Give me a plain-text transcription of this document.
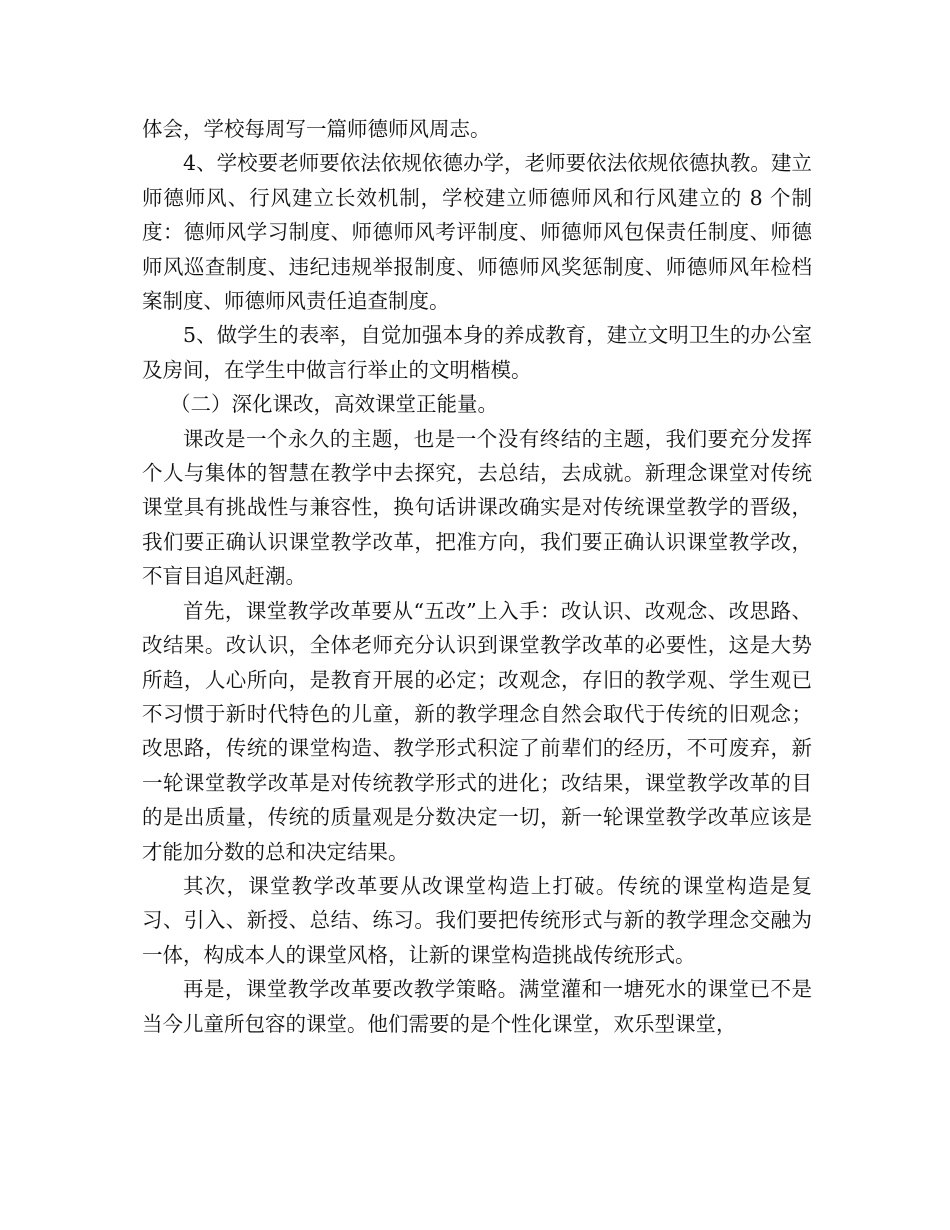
体会，学校每周写一篇师德师风周志。

4、学校要老师要依法依规依德办学，老师要依法依规依德执教。建立师德师风、行风建立长效机制，学校建立师德师风和行风建立的 8 个制度：德师风学习制度、师德师风考评制度、师德师风包保责任制度、师德师风巡查制度、违纪违规举报制度、师德师风奖惩制度、师德师风年检档案制度、师德师风责任追查制度。

5、做学生的表率，自觉加强本身的养成教育，建立文明卫生的办公室及房间，在学生中做言行举止的文明楷模。

（二）深化课改，高效课堂正能量。

课改是一个永久的主题，也是一个没有终结的主题，我们要充分发挥个人与集体的智慧在教学中去探究，去总结，去成就。新理念课堂对传统课堂具有挑战性与兼容性，换句话讲课改确实是对传统课堂教学的晋级，我们要正确认识课堂教学改革，把准方向，我们要正确认识课堂教学改，不盲目追风赶潮。

首先，课堂教学改革要从“五改”上入手：改认识、改观念、改思路、改结果。改认识，全体老师充分认识到课堂教学改革的必要性，这是大势所趋，人心所向，是教育开展的必定；改观念，存旧的教学观、学生观已不习惯于新时代特色的儿童，新的教学理念自然会取代于传统的旧观念；改思路，传统的课堂构造、教学形式积淀了前辈们的经历，不可废弃，新一轮课堂教学改革是对传统教学形式的进化；改结果，课堂教学改革的目的是出质量，传统的质量观是分数决定一切，新一轮课堂教学改革应该是才能加分数的总和决定结果。

其次，课堂教学改革要从改课堂构造上打破。传统的课堂构造是复习、引入、新授、总结、练习。我们要把传统形式与新的教学理念交融为一体，构成本人的课堂风格，让新的课堂构造挑战传统形式。

再是，课堂教学改革要改教学策略。满堂灌和一塘死水的课堂已不是当今儿童所包容的课堂。他们需要的是个性化课堂，欢乐型课堂，
